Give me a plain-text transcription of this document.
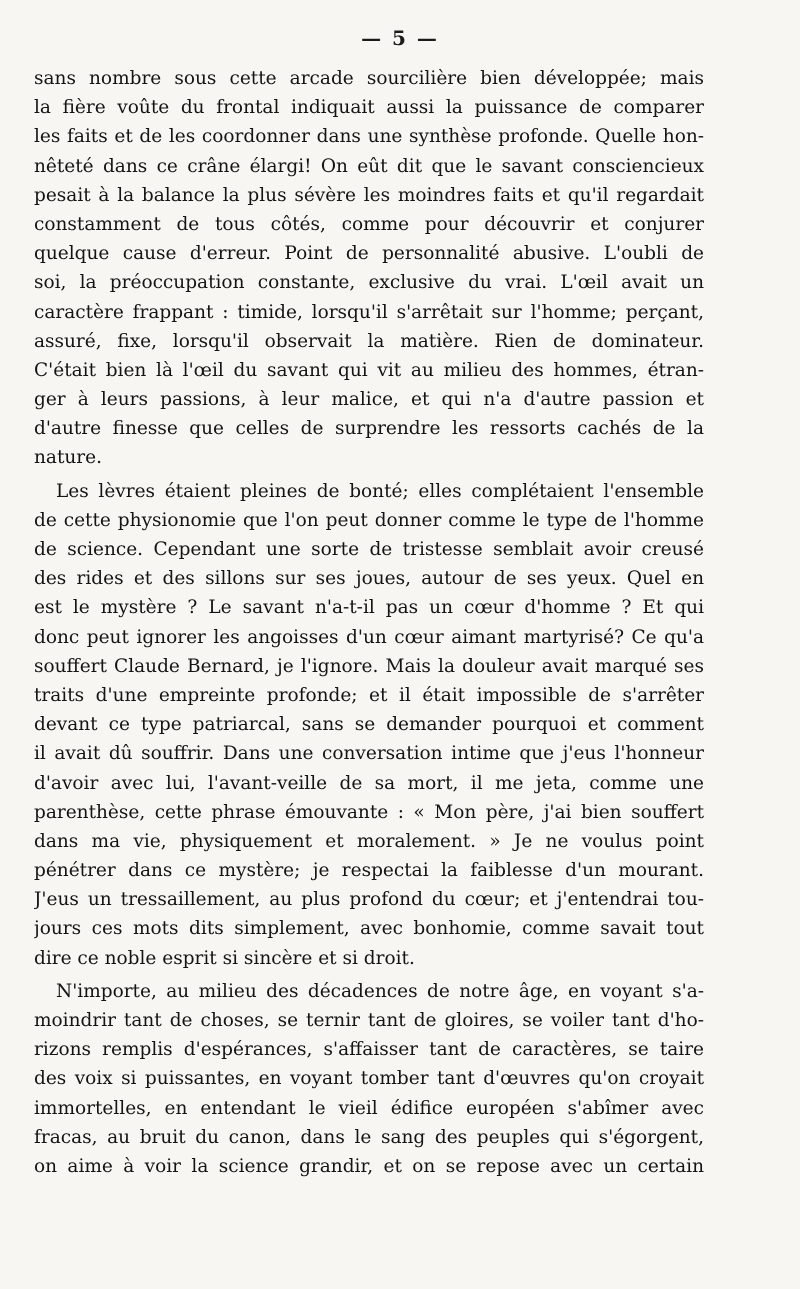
— 5 —
sans nombre sous cette arcade sourcilière bien développée; mais
la fière voûte du frontal indiquait aussi la puissance de comparer
les faits et de les coordonner dans une synthèse profonde. Quelle hon-
nêteté dans ce crâne élargi! On eût dit que le savant consciencieux
pesait à la balance la plus sévère les moindres faits et qu'il regardait
constamment de tous côtés, comme pour découvrir et conjurer
quelque cause d'erreur. Point de personnalité abusive. L'oubli de
soi, la préoccupation constante, exclusive du vrai. L'œil avait un
caractère frappant : timide, lorsqu'il s'arrêtait sur l'homme; perçant,
assuré, fixe, lorsqu'il observait la matière. Rien de dominateur.
C'était bien là l'œil du savant qui vit au milieu des hommes, étran-
ger à leurs passions, à leur malice, et qui n'a d'autre passion et
d'autre finesse que celles de surprendre les ressorts cachés de la
nature.
Les lèvres étaient pleines de bonté; elles complétaient l'ensemble
de cette physionomie que l'on peut donner comme le type de l'homme
de science. Cependant une sorte de tristesse semblait avoir creusé
des rides et des sillons sur ses joues, autour de ses yeux. Quel en
est le mystère ? Le savant n'a-t-il pas un cœur d'homme ? Et qui
donc peut ignorer les angoisses d'un cœur aimant martyrisé? Ce qu'a
souffert Claude Bernard, je l'ignore. Mais la douleur avait marqué ses
traits d'une empreinte profonde; et il était impossible de s'arrêter
devant ce type patriarcal, sans se demander pourquoi et comment
il avait dû souffrir. Dans une conversation intime que j'eus l'honneur
d'avoir avec lui, l'avant-veille de sa mort, il me jeta, comme une
parenthèse, cette phrase émouvante : « Mon père, j'ai bien souffert
dans ma vie, physiquement et moralement. » Je ne voulus point
pénétrer dans ce mystère; je respectai la faiblesse d'un mourant.
J'eus un tressaillement, au plus profond du cœur; et j'entendrai tou-
jours ces mots dits simplement, avec bonhomie, comme savait tout
dire ce noble esprit si sincère et si droit.
N'importe, au milieu des décadences de notre âge, en voyant s'a-
moindrir tant de choses, se ternir tant de gloires, se voiler tant d'ho-
rizons remplis d'espérances, s'affaisser tant de caractères, se taire
des voix si puissantes, en voyant tomber tant d'œuvres qu'on croyait
immortelles, en entendant le vieil édifice européen s'abîmer avec
fracas, au bruit du canon, dans le sang des peuples qui s'égorgent,
on aime à voir la science grandir, et on se repose avec un certain
